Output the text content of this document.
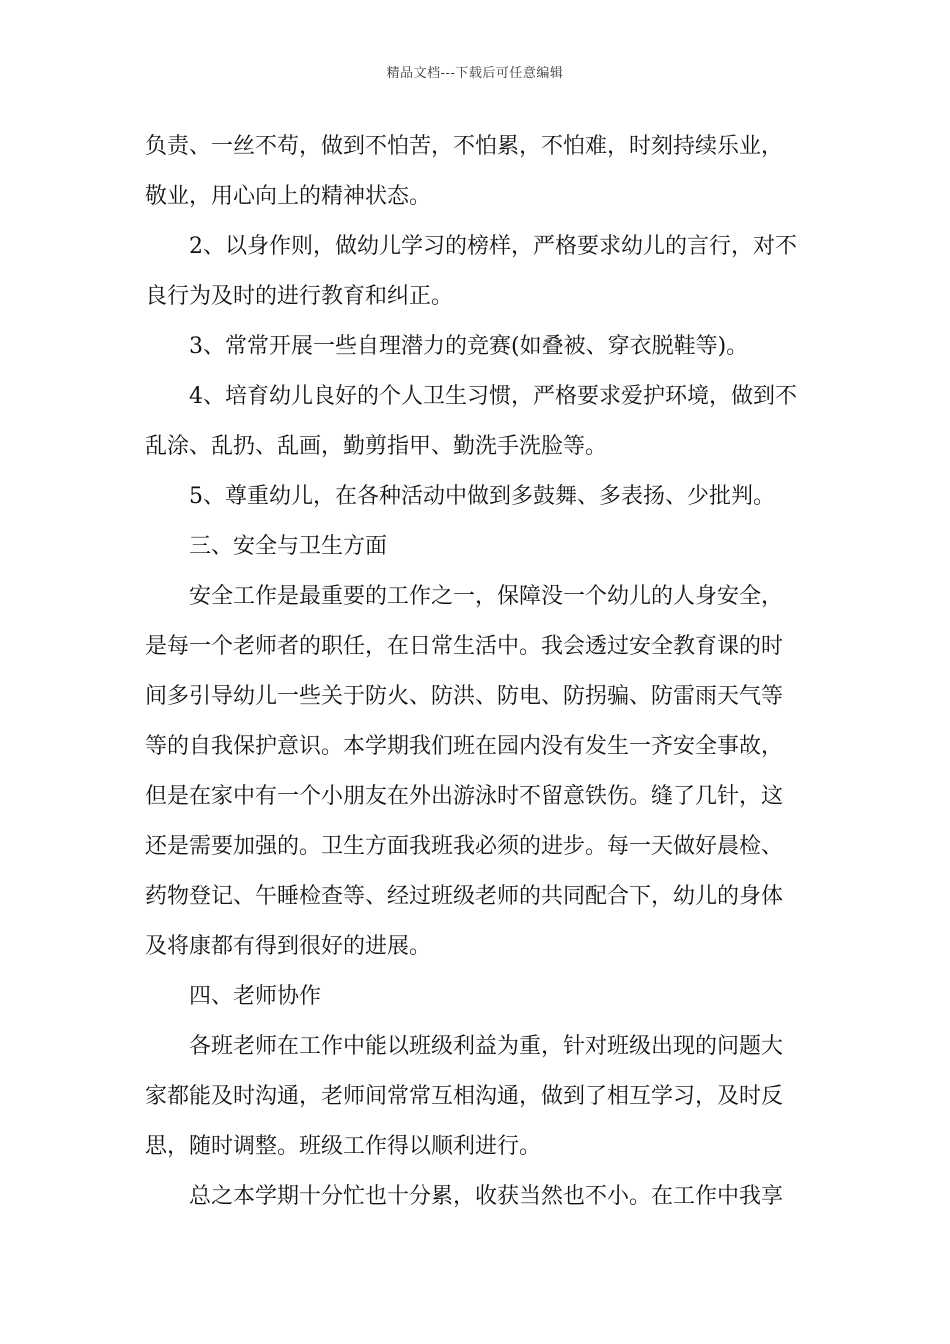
精品文档---下载后可任意编辑
负责、一丝不苟，做到不怕苦，不怕累，不怕难，时刻持续乐业，
敬业，用心向上的精神状态。
2、以身作则，做幼儿学习的榜样，严格要求幼儿的言行，对不
良行为及时的进行教育和纠正。
3、常常开展一些自理潜力的竞赛(如叠被、穿衣脱鞋等)。
4、培育幼儿良好的个人卫生习惯，严格要求爱护环境，做到不
乱涂、乱扔、乱画，勤剪指甲、勤洗手洗脸等。
5、尊重幼儿，在各种活动中做到多鼓舞、多表扬、少批判。
三、安全与卫生方面
安全工作是最重要的工作之一，保障没一个幼儿的人身安全，
是每一个老师者的职任，在日常生活中。我会透过安全教育课的时
间多引导幼儿一些关于防火、防洪、防电、防拐骗、防雷雨天气等
等的自我保护意识。本学期我们班在园内没有发生一齐安全事故，
但是在家中有一个小朋友在外出游泳时不留意铁伤。缝了几针，这
还是需要加强的。卫生方面我班我必须的进步。每一天做好晨检、
药物登记、午睡检查等、经过班级老师的共同配合下，幼儿的身体
及将康都有得到很好的进展。
四、老师协作
各班老师在工作中能以班级利益为重，针对班级出现的问题大
家都能及时沟通，老师间常常互相沟通，做到了相互学习，及时反
思，随时调整。班级工作得以顺利进行。
总之本学期十分忙也十分累，收获当然也不小。在工作中我享
